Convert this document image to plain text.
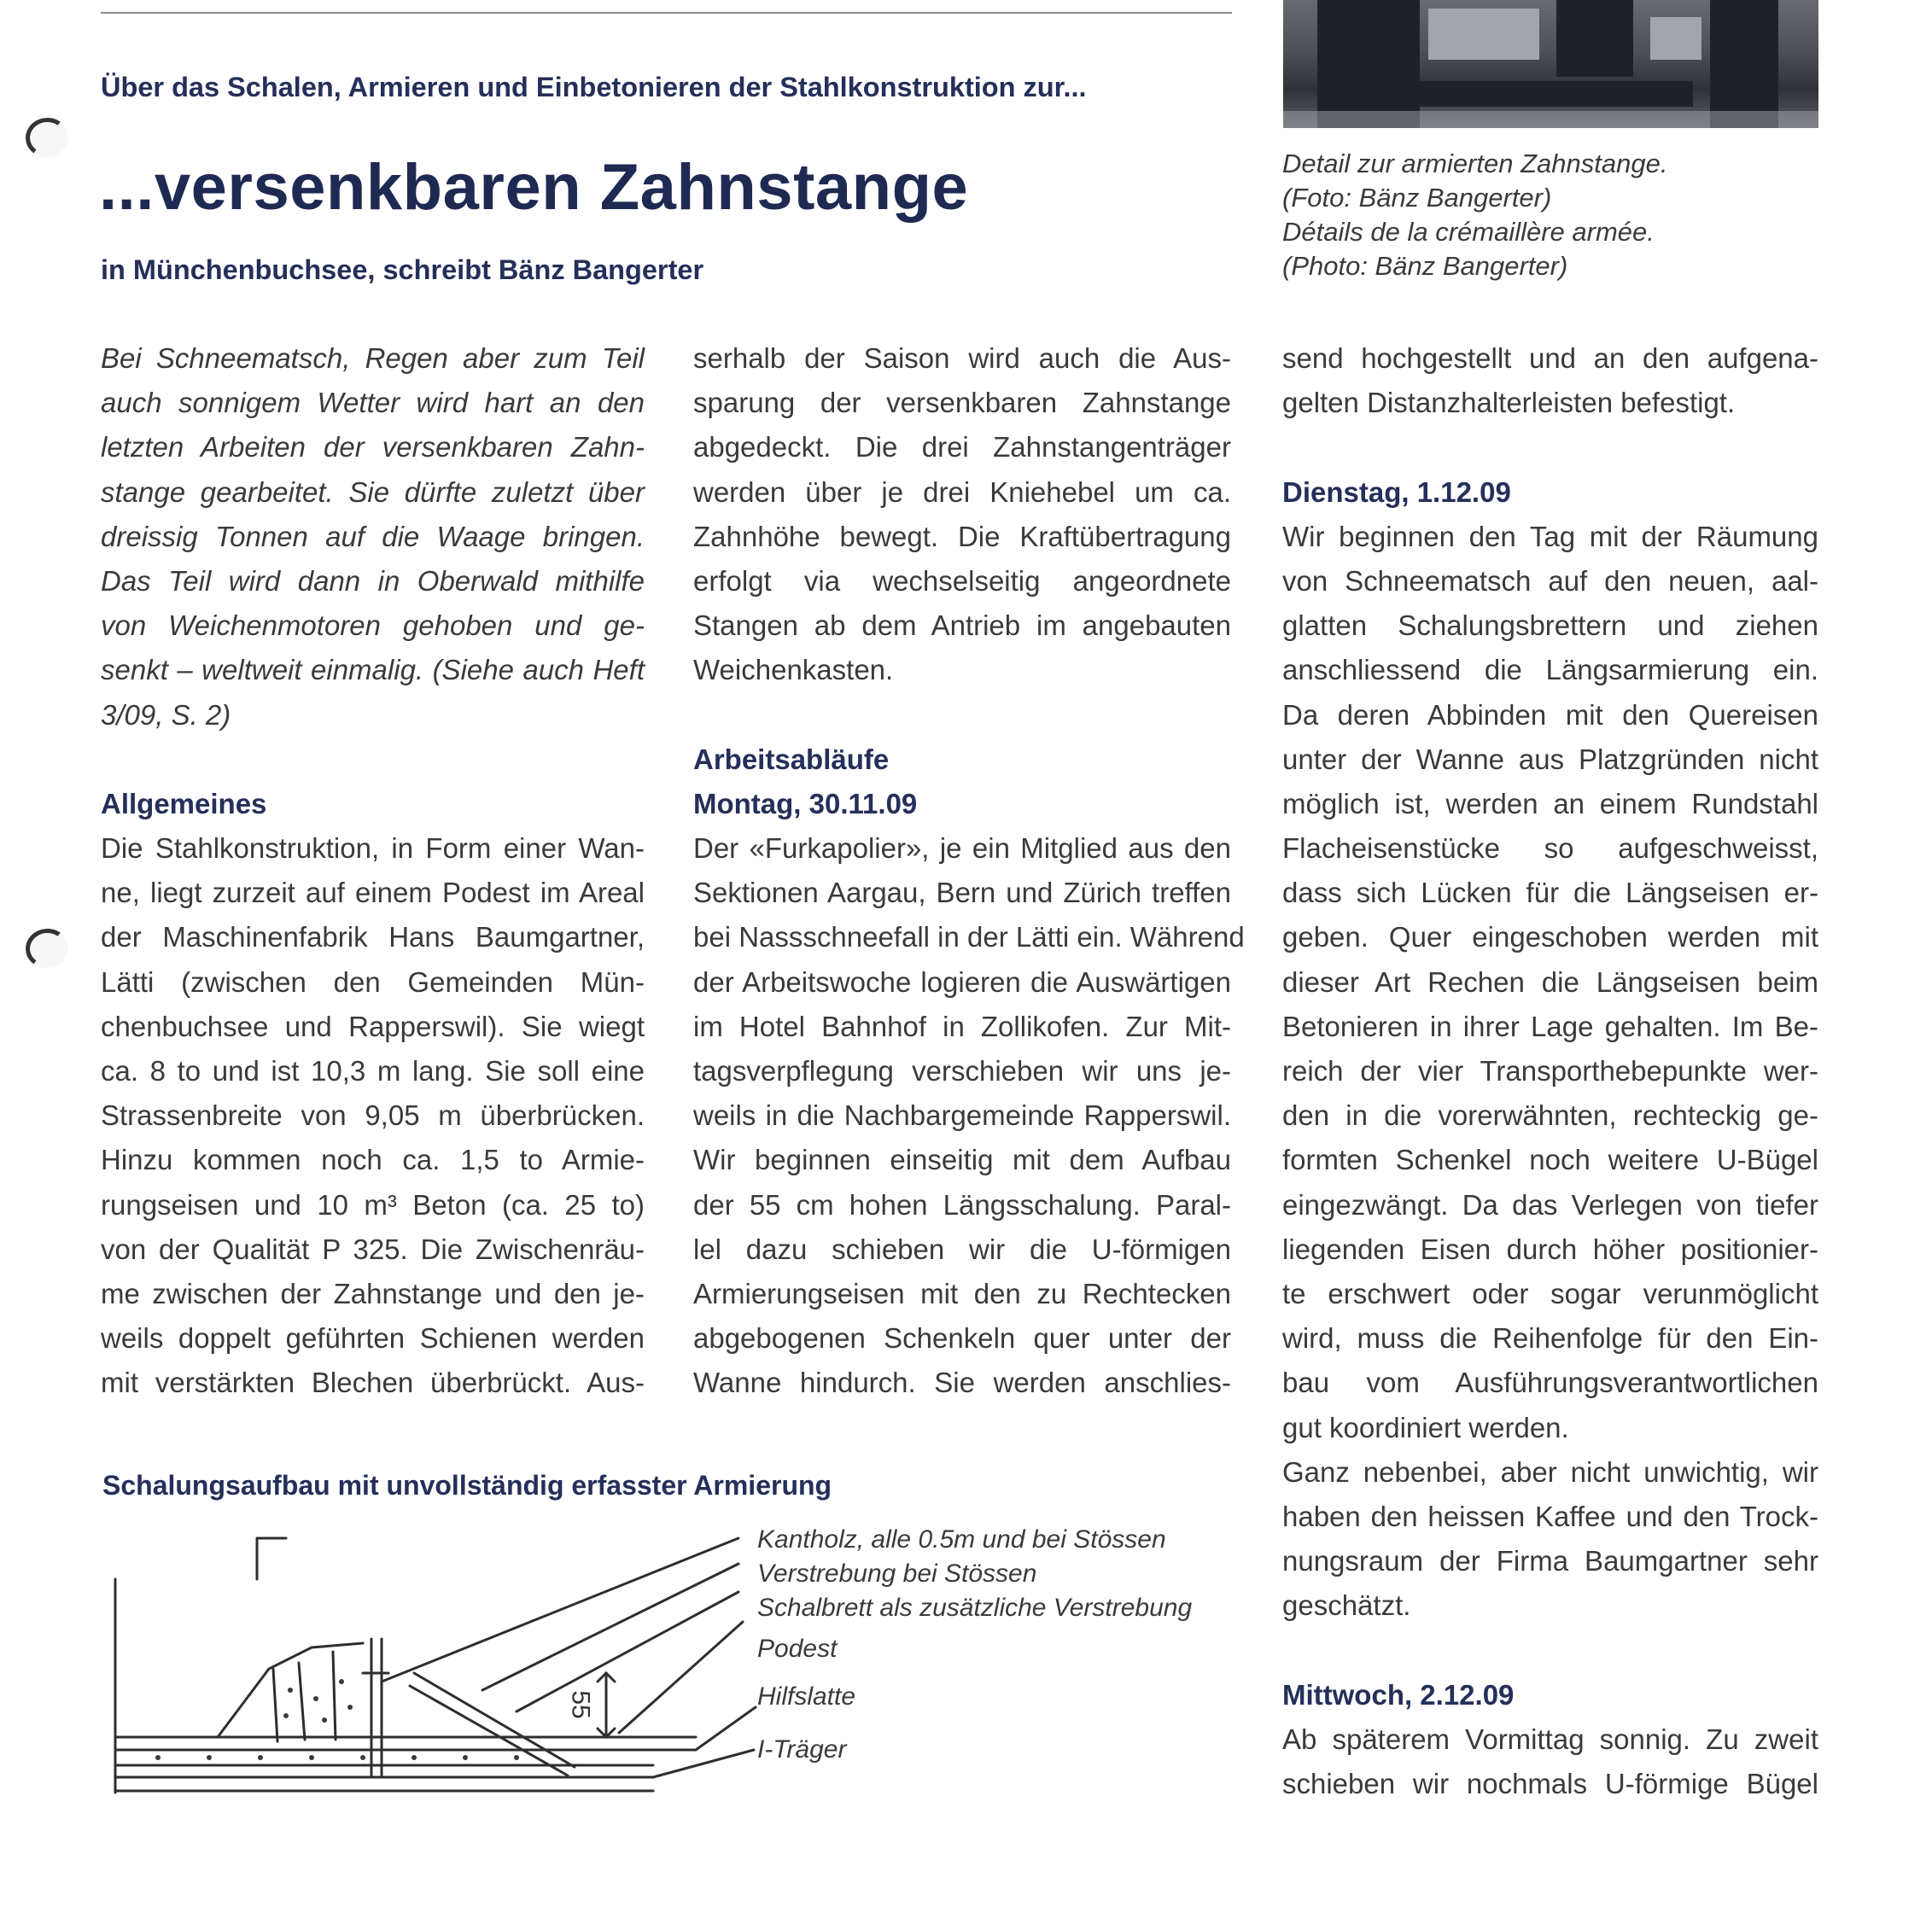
Detail zur armierten Zahnstange.
(Foto: Bänz Bangerter)
Détails de la crémaillère armée.
(Photo: Bänz Bangerter)
Über das Schalen, Armieren und Einbetonieren der Stahlkonstruktion zur...
...versenkbaren Zahnstange
in Münchenbuchsee, schreibt Bänz Bangerter
Bei Schneematsch, Regen aber zum Teil
auch sonnigem Wetter wird hart an den
letzten Arbeiten der versenkbaren Zahn-
stange gearbeitet. Sie dürfte zuletzt über
dreissig Tonnen auf die Waage bringen.
Das Teil wird dann in Oberwald mithilfe
von Weichenmotoren gehoben und ge-
senkt – weltweit einmalig. (Siehe auch Heft
3/09, S. 2)
Allgemeines
Die Stahlkonstruktion, in Form einer Wan-
ne, liegt zurzeit auf einem Podest im Areal
der Maschinenfabrik Hans Baumgartner,
Lätti (zwischen den Gemeinden Mün-
chenbuchsee und Rapperswil). Sie wiegt
ca. 8 to und ist 10,3 m lang. Sie soll eine
Strassenbreite von 9,05 m überbrücken.
Hinzu kommen noch ca. 1,5 to Armie-
rungseisen und 10 m³ Beton (ca. 25 to)
von der Qualität P 325. Die Zwischenräu-
me zwischen der Zahnstange und den je-
weils doppelt geführten Schienen werden
mit verstärkten Blechen überbrückt. Aus-
serhalb der Saison wird auch die Aus-
sparung der versenkbaren Zahnstange
abgedeckt. Die drei Zahnstangenträger
werden über je drei Kniehebel um ca.
Zahnhöhe bewegt. Die Kraftübertragung
erfolgt via wechselseitig angeordnete
Stangen ab dem Antrieb im angebauten
Weichenkasten.
Arbeitsabläufe
Montag, 30.11.09
Der «Furkapolier», je ein Mitglied aus den
Sektionen Aargau, Bern und Zürich treffen
bei Nassschneefall in der Lätti ein. Während
der Arbeitswoche logieren die Auswärtigen
im Hotel Bahnhof in Zollikofen. Zur Mit-
tagsverpflegung verschieben wir uns je-
weils in die Nachbargemeinde Rapperswil.
Wir beginnen einseitig mit dem Aufbau
der 55 cm hohen Längsschalung. Paral-
lel dazu schieben wir die U-förmigen
Armierungseisen mit den zu Rechtecken
abgebogenen Schenkeln quer unter der
Wanne hindurch. Sie werden anschlies-
send hochgestellt und an den aufgena-
gelten Distanzhalterleisten befestigt.
Dienstag, 1.12.09
Wir beginnen den Tag mit der Räumung
von Schneematsch auf den neuen, aal-
glatten Schalungsbrettern und ziehen
anschliessend die Längsarmierung ein.
Da deren Abbinden mit den Quereisen
unter der Wanne aus Platzgründen nicht
möglich ist, werden an einem Rundstahl
Flacheisenstücke so aufgeschweisst,
dass sich Lücken für die Längseisen er-
geben. Quer eingeschoben werden mit
dieser Art Rechen die Längseisen beim
Betonieren in ihrer Lage gehalten. Im Be-
reich der vier Transporthebepunkte wer-
den in die vorerwähnten, rechteckig ge-
formten Schenkel noch weitere U-Bügel
eingezwängt. Da das Verlegen von tiefer
liegenden Eisen durch höher positionier-
te erschwert oder sogar verunmöglicht
wird, muss die Reihenfolge für den Ein-
bau vom Ausführungsverantwortlichen
gut koordiniert werden.
Ganz nebenbei, aber nicht unwichtig, wir
haben den heissen Kaffee und den Trock-
nungsraum der Firma Baumgartner sehr
geschätzt.
Mittwoch, 2.12.09
Ab späterem Vormittag sonnig. Zu zweit
schieben wir nochmals U-förmige Bügel
Schalungsaufbau mit unvollständig erfasster Armierung
55
Kantholz, alle 0.5m und bei Stössen
Verstrebung bei Stössen
Schalbrett als zusätzliche Verstrebung
Podest
Hilfslatte
I-Träger
